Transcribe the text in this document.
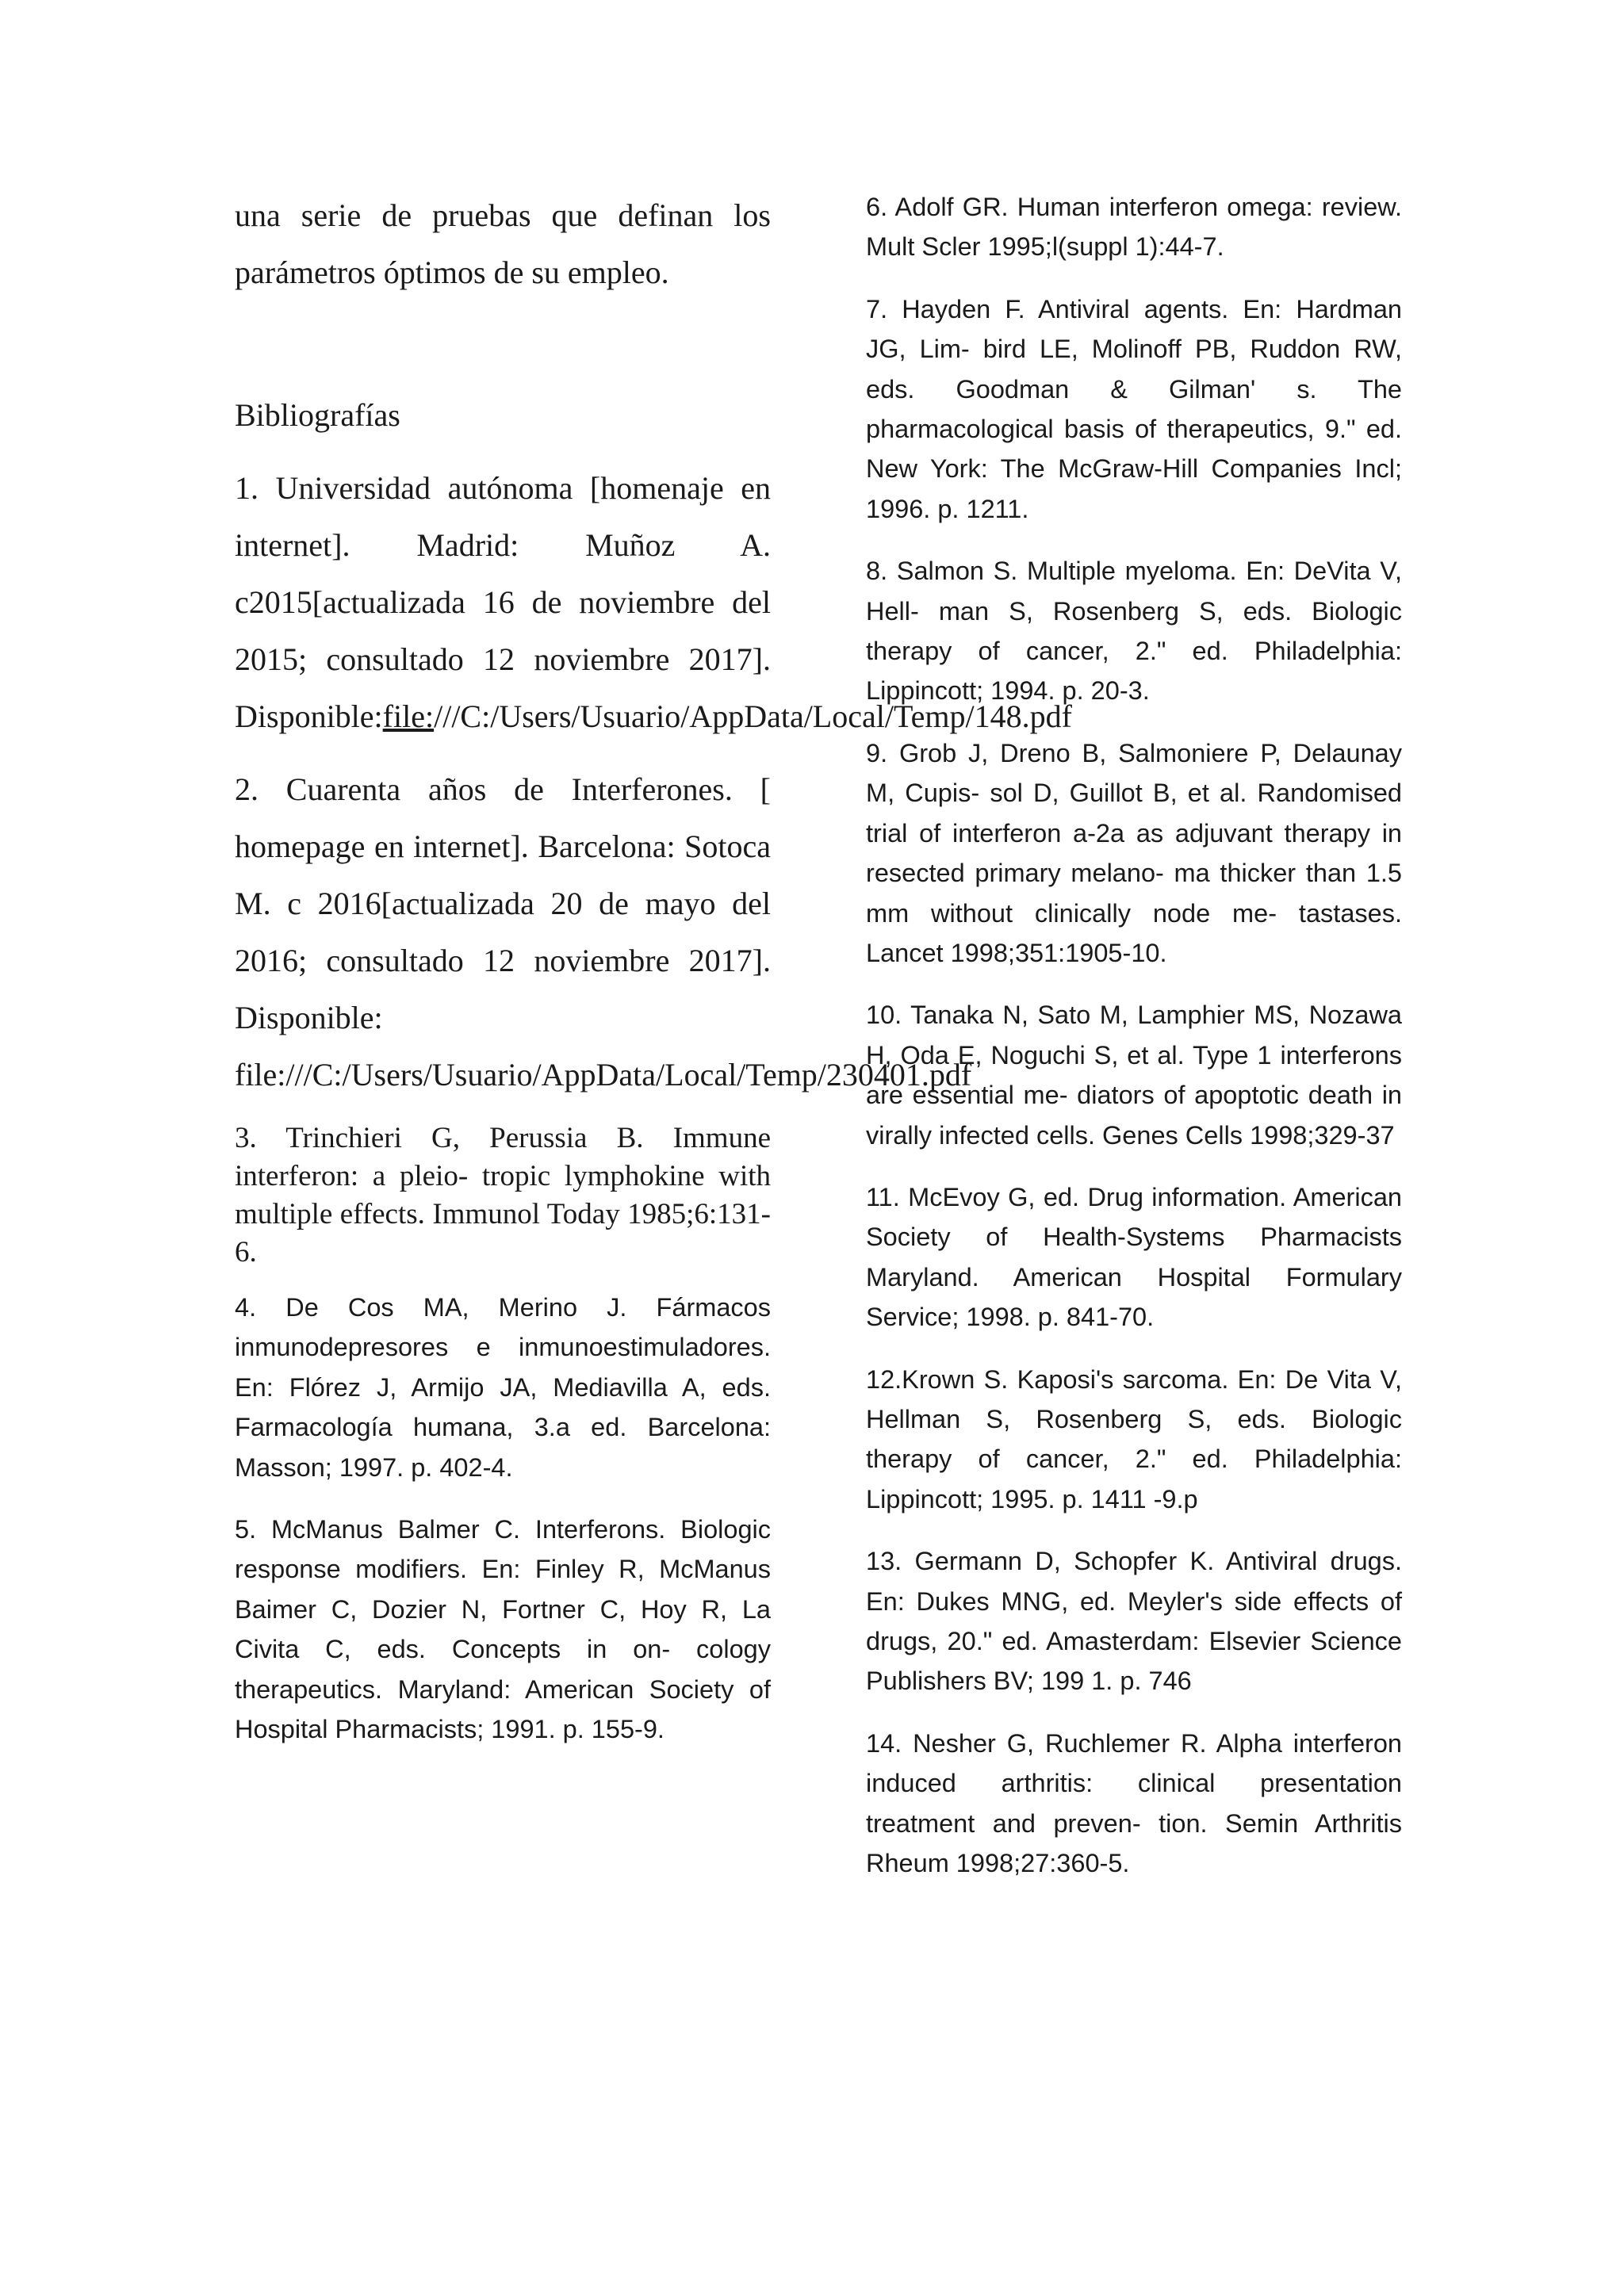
una serie de pruebas que definan los parámetros óptimos de su empleo.

Bibliografías

1. Universidad autónoma [homenaje en internet]. Madrid: Muñoz A. c2015[actualizada 16 de noviembre del 2015; consultado 12 noviembre 2017]. Disponible:file:///C:/Users/Usuario/AppData/Local/Temp/148.pdf

2. Cuarenta años de Interferones. [ homepage en internet]. Barcelona: Sotoca M. c 2016[actualizada 20 de mayo del 2016; consultado 12 noviembre 2017]. Disponible: file:///C:/Users/Usuario/AppData/Local/Temp/230401.pdf

3. Trinchieri G, Perussia B. Immune interferon: a pleio- tropic lymphokine with multiple effects. Immunol Today 1985;6:131-6.

4. De Cos MA, Merino J. Fármacos inmunodepresores e inmunoestimuladores. En: Flórez J, Armijo JA, Mediavilla A, eds. Farmacología humana, 3.a ed. Barcelona: Masson; 1997. p. 402-4.

5. McManus Balmer C. Interferons. Biologic response modifiers. En: Finley R, McManus Baimer C, Dozier N, Fortner C, Hoy R, La Civita C, eds. Concepts in on- cology therapeutics. Maryland: American Society of Hospital Pharmacists; 1991. p. 155-9.

6. Adolf GR. Human interferon omega: review. Mult Scler 1995;l(suppl 1):44-7.

7. Hayden F. Antiviral agents. En: Hardman JG, Lim- bird LE, Molinoff PB, Ruddon RW, eds. Goodman & Gilman' s. The pharmacological basis of therapeutics, 9." ed. New York: The McGraw-Hill Companies Incl; 1996. p. 1211.

8. Salmon S. Multiple myeloma. En: DeVita V, Hell- man S, Rosenberg S, eds. Biologic therapy of cancer, 2." ed. Philadelphia: Lippincott; 1994. p. 20-3.

9. Grob J, Dreno B, Salmoniere P, Delaunay M, Cupis- sol D, Guillot B, et al. Randomised trial of interferon a-2a as adjuvant therapy in resected primary melano- ma thicker than 1.5 mm without clinically node me- tastases. Lancet 1998;351:1905-10.

10. Tanaka N, Sato M, Lamphier MS, Nozawa H, Oda E, Noguchi S, et al. Type 1 interferons are essential me- diators of apoptotic death in virally infected cells. Genes Cells 1998;329-37

11. McEvoy G, ed. Drug information. American Society of Health-Systems Pharmacists Maryland. American Hospital Formulary Service; 1998. p. 841-70.

12.Krown S. Kaposi's sarcoma. En: De Vita V, Hellman S, Rosenberg S, eds. Biologic therapy of cancer, 2." ed. Philadelphia: Lippincott; 1995. p. 1411 -9.p

13. Germann D, Schopfer K. Antiviral drugs. En: Dukes MNG, ed. Meyler's side effects of drugs, 20." ed. Amasterdam: Elsevier Science Publishers BV; 199 1. p. 746

14. Nesher G, Ruchlemer R. Alpha interferon induced arthritis: clinical presentation treatment and preven- tion. Semin Arthritis Rheum 1998;27:360-5.
